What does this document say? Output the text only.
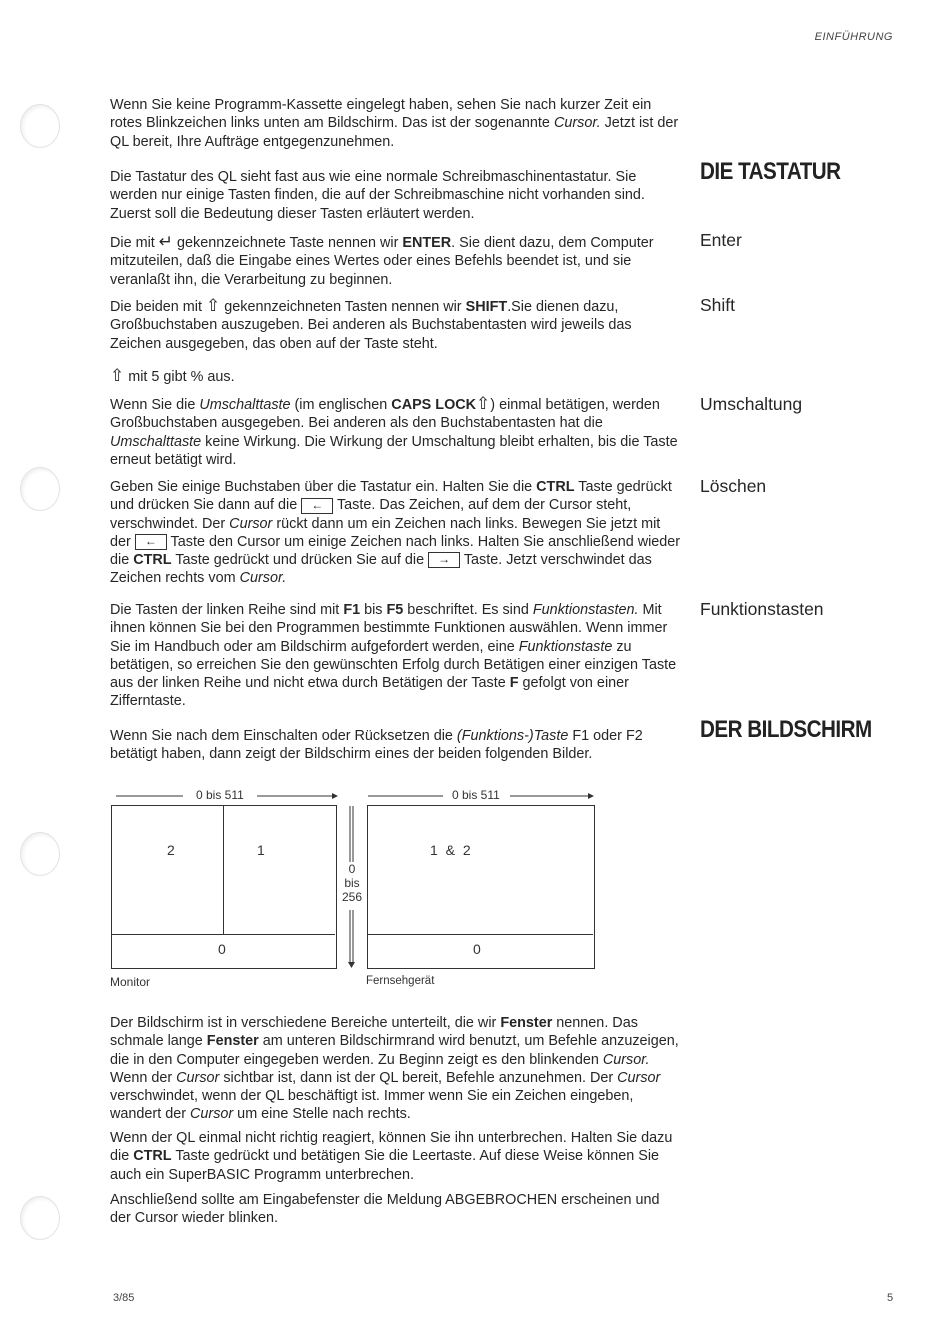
EINFÜHRUNG

Wenn Sie keine Programm-Kassette eingelegt haben, sehen Sie nach kurzer Zeit ein rotes Blinkzeichen links unten am Bildschirm. Das ist der sogenannte Cursor. Jetzt ist der QL bereit, Ihre Aufträge entgegenzunehmen.

Die Tastatur des QL sieht fast aus wie eine normale Schreibmaschinentastatur. Sie werden nur einige Tasten finden, die auf der Schreibmaschine nicht vorhanden sind. Zuerst soll die Bedeutung dieser Tasten erläutert werden.

DIE TASTATUR

Die mit ↵ gekennzeichnete Taste nennen wir ENTER. Sie dient dazu, dem Computer mitzuteilen, daß die Eingabe eines Wertes oder eines Befehls beendet ist, und sie veranlaßt ihn, die Verarbeitung zu beginnen.

Enter

Die beiden mit ⇧ gekennzeichneten Tasten nennen wir SHIFT.Sie dienen dazu, Großbuchstaben auszugeben. Bei anderen als Buchstabentasten wird jeweils das Zeichen ausgegeben, das oben auf der Taste steht.

Shift

⇧ mit 5 gibt % aus.

Wenn Sie die Umschalttaste (im englischen CAPS LOCK⇧) einmal betätigen, werden Großbuchstaben ausgegeben. Bei anderen als den Buchstabentasten hat die Umschalttaste keine Wirkung. Die Wirkung der Umschaltung bleibt erhalten, bis die Taste erneut betätigt wird.

Umschaltung

Geben Sie einige Buchstaben über die Tastatur ein. Halten Sie die CTRL Taste gedrückt und drücken Sie dann auf die ← Taste. Das Zeichen, auf dem der Cursor steht, verschwindet. Der Cursor rückt dann um ein Zeichen nach links. Bewegen Sie jetzt mit der ← Taste den Cursor um einige Zeichen nach links. Halten Sie anschließend wieder die CTRL Taste gedrückt und drücken Sie auf die → Taste. Jetzt verschwindet das Zeichen rechts vom Cursor.

Löschen

Die Tasten der linken Reihe sind mit F1 bis F5 beschriftet. Es sind Funktionstasten. Mit ihnen können Sie bei den Programmen bestimmte Funktionen auswählen. Wenn immer Sie im Handbuch oder am Bildschirm aufgefordert werden, eine Funktionstaste zu betätigen, so erreichen Sie den gewünschten Erfolg durch Betätigen einer einzigen Taste aus der linken Reihe und nicht etwa durch Betätigen der Taste F gefolgt von einer Zifferntaste.

Funktionstasten
DER BILDSCHIRM

Wenn Sie nach dem Einschalten oder Rücksetzen die (Funktions-)Taste F1 oder F2 betätigt haben, dann zeigt der Bildschirm eines der beiden folgenden Bilder.

0 bis 511	0 bis 511
2	1
0
0
bis
256
1 & 2
0
Monitor	Fernsehgerät

Der Bildschirm ist in verschiedene Bereiche unterteilt, die wir Fenster nennen. Das schmale lange Fenster am unteren Bildschirmrand wird benutzt, um Befehle anzuzeigen, die in den Computer eingegeben werden. Zu Beginn zeigt es den blinkenden Cursor. Wenn der Cursor sichtbar ist, dann ist der QL bereit, Befehle anzunehmen. Der Cursor verschwindet, wenn der QL beschäftigt ist. Immer wenn Sie ein Zeichen eingeben, wandert der Cursor um eine Stelle nach rechts.

Wenn der QL einmal nicht richtig reagiert, können Sie ihn unterbrechen. Halten Sie dazu die CTRL Taste gedrückt und betätigen Sie die Leertaste. Auf diese Weise können Sie auch ein SuperBASIC Programm unterbrechen.

Anschließend sollte am Eingabefenster die Meldung ABGEBROCHEN erscheinen und der Cursor wieder blinken.

3/85	5
